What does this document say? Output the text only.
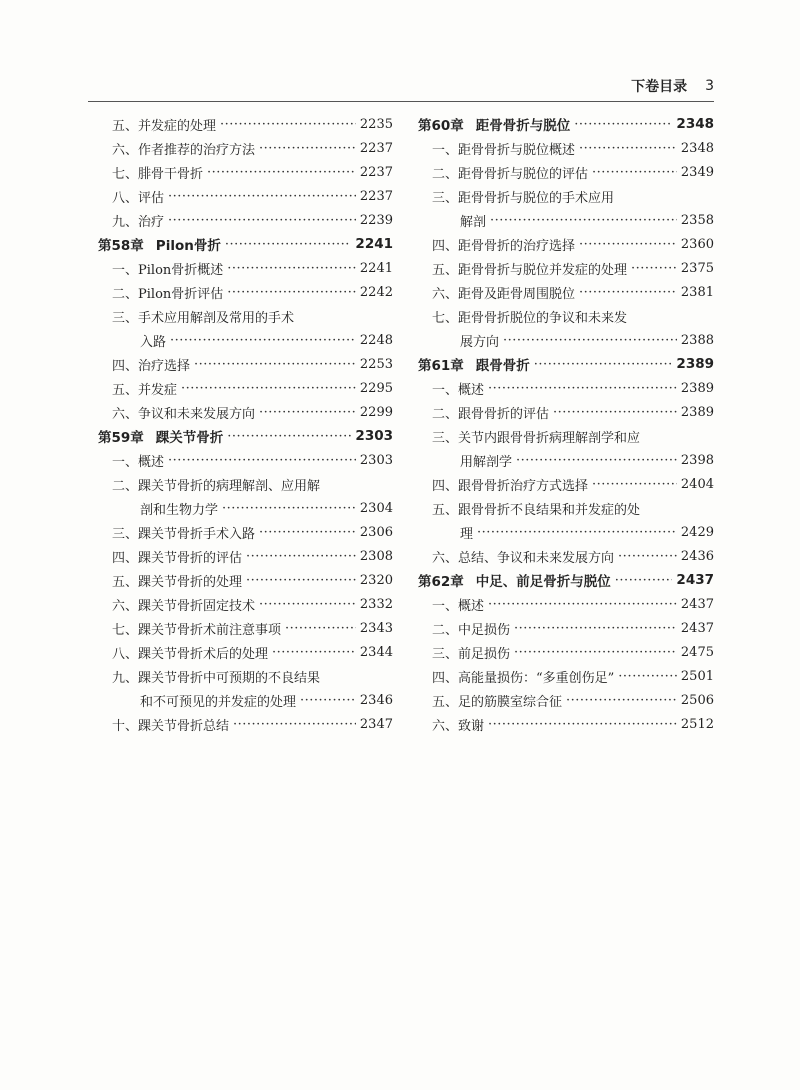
下卷目录 3
五、并发症的处理 ·····	2235
六、作者推荐的治疗方法 ·····	2237
七、腓骨干骨折 ·····	2237
八、评估 ·····	2237
九、治疗 ·····	2239
第58章 Pilon骨折 ·····	2241
一、Pilon骨折概述 ·····	2241
二、Pilon骨折评估 ·····	2242
三、手术应用解剖及常用的手术
入路 ·····	2248
四、治疗选择 ·····	2253
五、并发症 ·····	2295
六、争议和未来发展方向 ·····	2299
第59章 踝关节骨折 ·····	2303
一、概述 ·····	2303
二、踝关节骨折的病理解剖、应用解
剖和生物力学 ·····	2304
三、踝关节骨折手术入路 ·····	2306
四、踝关节骨折的评估 ·····	2308
五、踝关节骨折的处理 ·····	2320
六、踝关节骨折固定技术 ·····	2332
七、踝关节骨折术前注意事项 ·····	2343
八、踝关节骨折术后的处理 ·····	2344
九、踝关节骨折中可预期的不良结果
和不可预见的并发症的处理 ·····	2346
十、踝关节骨折总结 ·····	2347
第60章 距骨骨折与脱位 ·····	2348
一、距骨骨折与脱位概述 ·····	2348
二、距骨骨折与脱位的评估 ·····	2349
三、距骨骨折与脱位的手术应用
解剖 ·····	2358
四、距骨骨折的治疗选择 ·····	2360
五、距骨骨折与脱位并发症的处理 ·····	2375
六、距骨及距骨周围脱位 ·····	2381
七、距骨骨折脱位的争议和未来发
展方向 ·····	2388
第61章 跟骨骨折 ·····	2389
一、概述 ·····	2389
二、跟骨骨折的评估 ·····	2389
三、关节内跟骨骨折病理解剖学和应
用解剖学 ·····	2398
四、跟骨骨折治疗方式选择 ·····	2404
五、跟骨骨折不良结果和并发症的处
理 ·····	2429
六、总结、争议和未来发展方向 ·····	2436
第62章 中足、前足骨折与脱位 ·····	2437
一、概述 ·····	2437
二、中足损伤 ·····	2437
三、前足损伤 ·····	2475
四、高能量损伤：“多重创伤足” ·····	2501
五、足的筋膜室综合征 ·····	2506
六、致谢 ·····	2512
